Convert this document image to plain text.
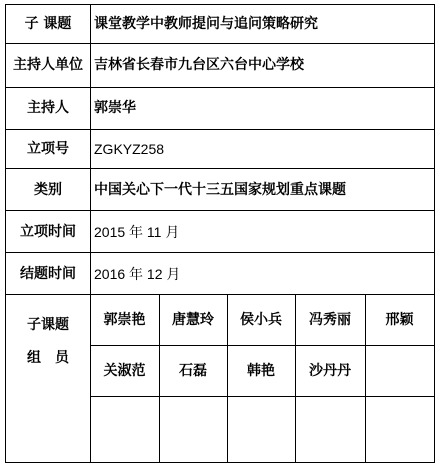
子 课题	课堂教学中教师提问与追问策略研究
主持人单位 吉林省长春市九台区六台中心学校
主持人	郭崇华
立项号	ZGKYZ258
类别	中国关心下一代十三五国家规划重点课题
立项时间	2015 年 11 月
结题时间	2016 年 12 月
子课题
组　员
郭崇艳	唐慧玲	侯小兵	冯秀丽	邢颖
关淑范	石磊	韩艳	沙丹丹
